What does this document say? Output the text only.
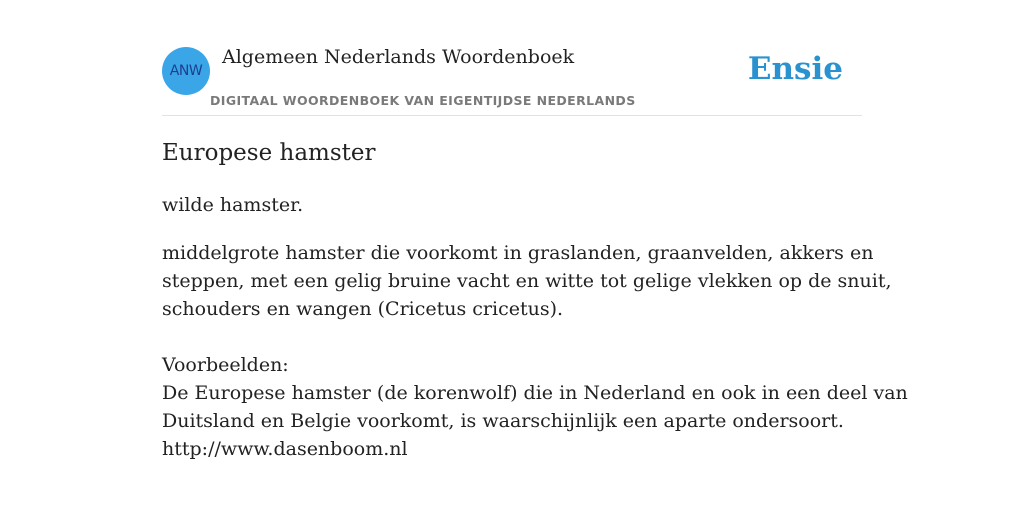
ANW
Algemeen Nederlands Woordenboek
DIGITAAL WOORDENBOEK VAN EIGENTIJDSE NEDERLANDS
Ensie
Europese hamster
wilde hamster.
middelgrote hamster die voorkomt in graslanden, graanvelden, akkers en
steppen, met een gelig bruine vacht en witte tot gelige vlekken op de snuit,
schouders en wangen (Cricetus cricetus).
Voorbeelden:
De Europese hamster (de korenwolf) die in Nederland en ook in een deel van
Duitsland en Belgie voorkomt, is waarschijnlijk een aparte ondersoort.
http://www.dasenboom.nl
